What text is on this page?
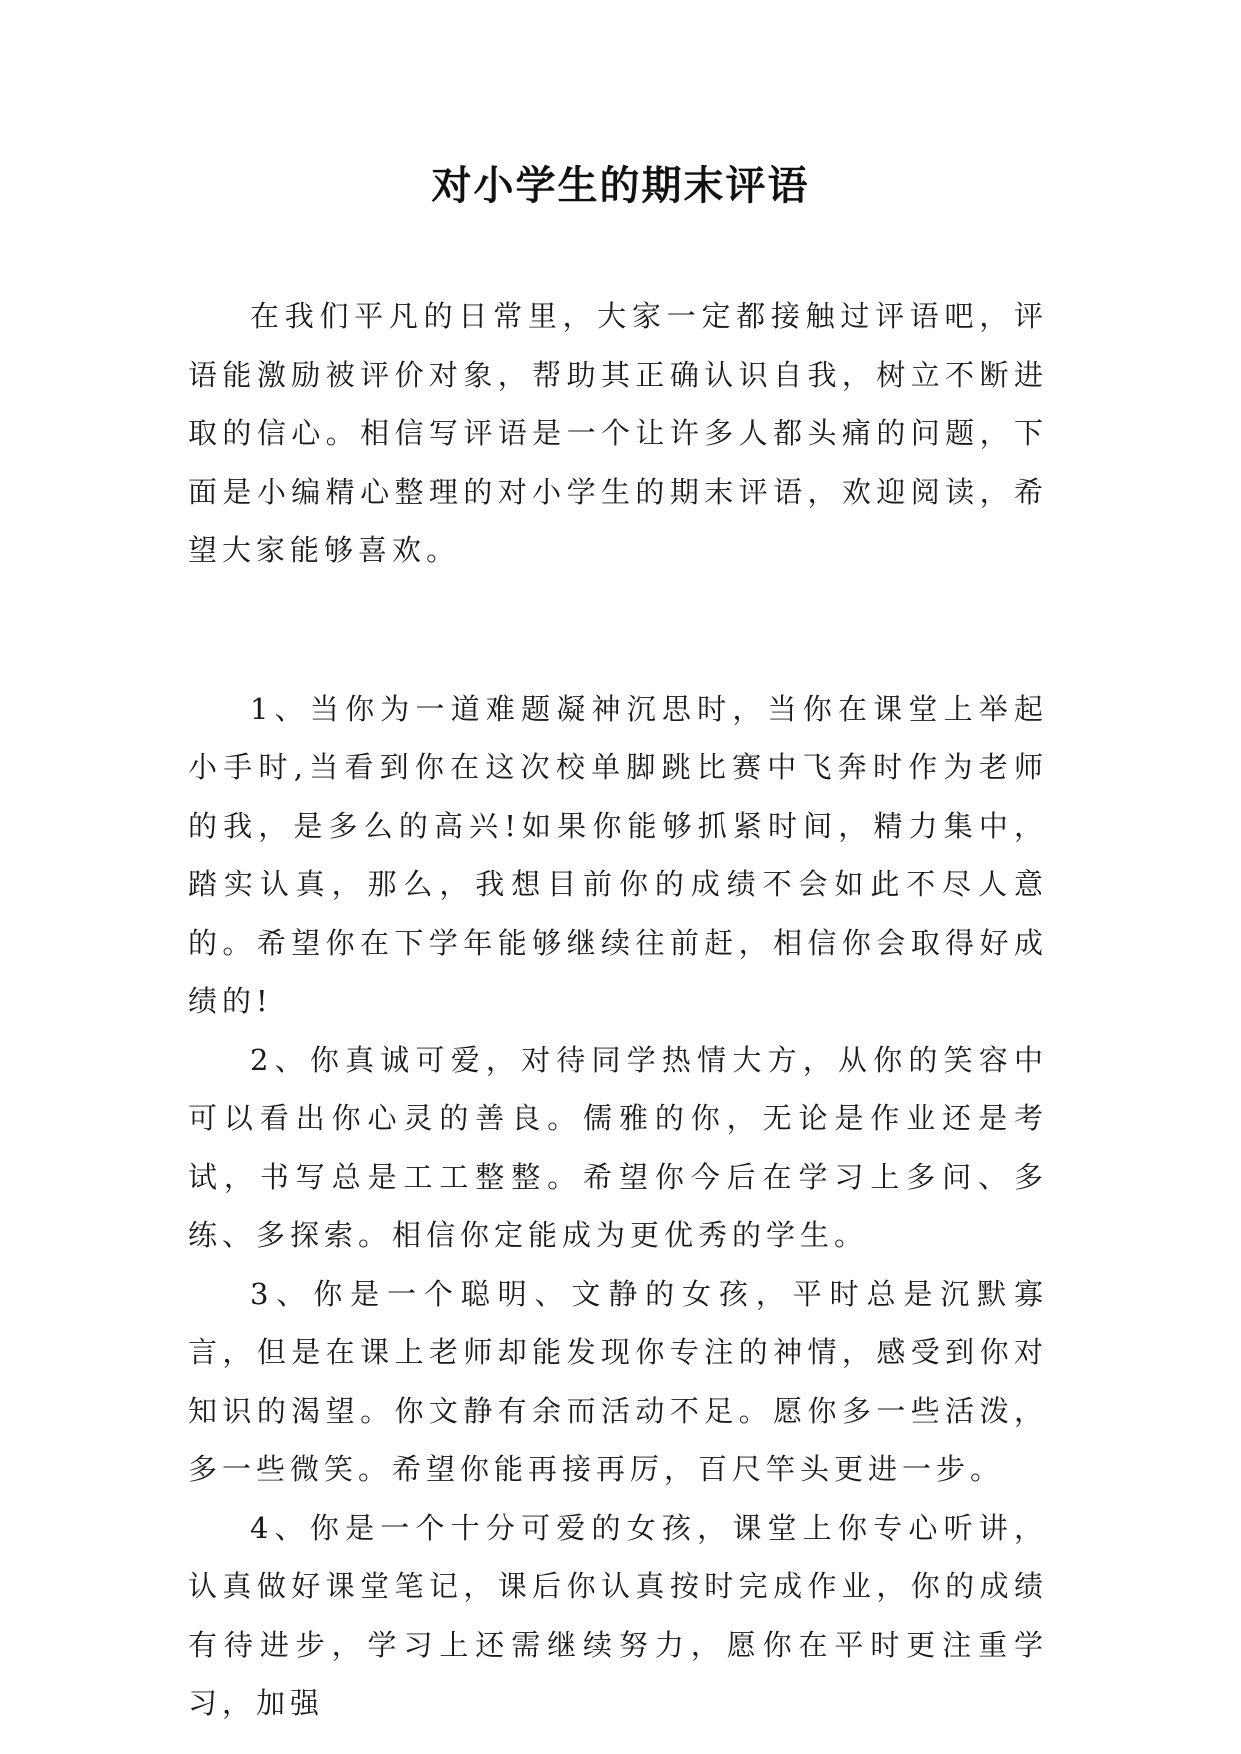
对小学生的期末评语

在我们平凡的日常里，大家一定都接触过评语吧，评语能激励被评价对象，帮助其正确认识自我，树立不断进取的信心。相信写评语是一个让许多人都头痛的问题，下面是小编精心整理的对小学生的期末评语，欢迎阅读，希望大家能够喜欢。

1、当你为一道难题凝神沉思时，当你在课堂上举起小手时,当看到你在这次校单脚跳比赛中飞奔时作为老师的我，是多么的高兴!如果你能够抓紧时间，精力集中，踏实认真，那么，我想目前你的成绩不会如此不尽人意的。希望你在下学年能够继续往前赶，相信你会取得好成绩的!

2、你真诚可爱，对待同学热情大方，从你的笑容中可以看出你心灵的善良。儒雅的你，无论是作业还是考试，书写总是工工整整。希望你今后在学习上多问、多练、多探索。相信你定能成为更优秀的学生。

3、你是一个聪明、文静的女孩，平时总是沉默寡言，但是在课上老师却能发现你专注的神情，感受到你对知识的渴望。你文静有余而活动不足。愿你多一些活泼，多一些微笑。希望你能再接再厉，百尺竿头更进一步。

4、你是一个十分可爱的女孩，课堂上你专心听讲，认真做好课堂笔记，课后你认真按时完成作业，你的成绩有待进步，学习上还需继续努力，愿你在平时更注重学习，加强
